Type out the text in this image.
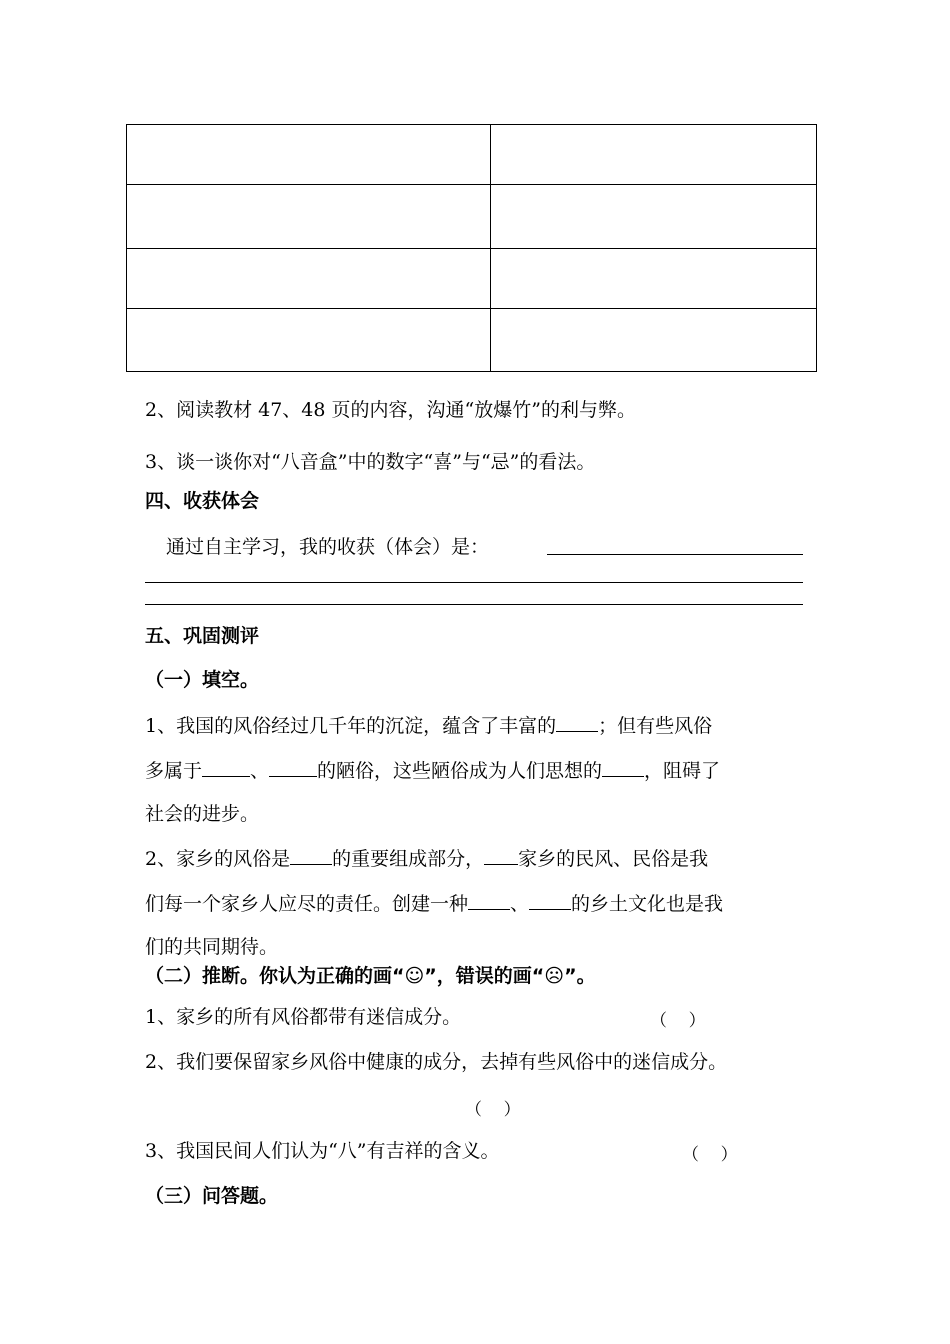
2、阅读教材 47、48 页的内容，沟通“放爆竹”的利与弊。
3、谈一谈你对“八音盒”中的数字“喜”与“忌”的看法。
四、收获体会
通过自主学习，我的收获（体会）是：
五、巩固测评
（一）填空。
1、我国的风俗经过几千年的沉淀，蕴含了丰富的 ；但有些风俗
多属于	、	的陋俗，这些陋俗成为人们思想的 ，阻碍了
社会的进步。
2、家乡的风俗是 的重要组成部分， 家乡的民风、民俗是我
们每一个家乡人应尽的责任。创建一种 、 的乡土文化也是我
们的共同期待。
（二）推断。你认为正确的画“☺”，错误的画“☹”。
1、家乡的所有风俗都带有迷信成分。	（    ）
2、我们要保留家乡风俗中健康的成分，去掉有些风俗中的迷信成分。
（    ）
3、我国民间人们认为“八”有吉祥的含义。	（    ）
（三）问答题。
